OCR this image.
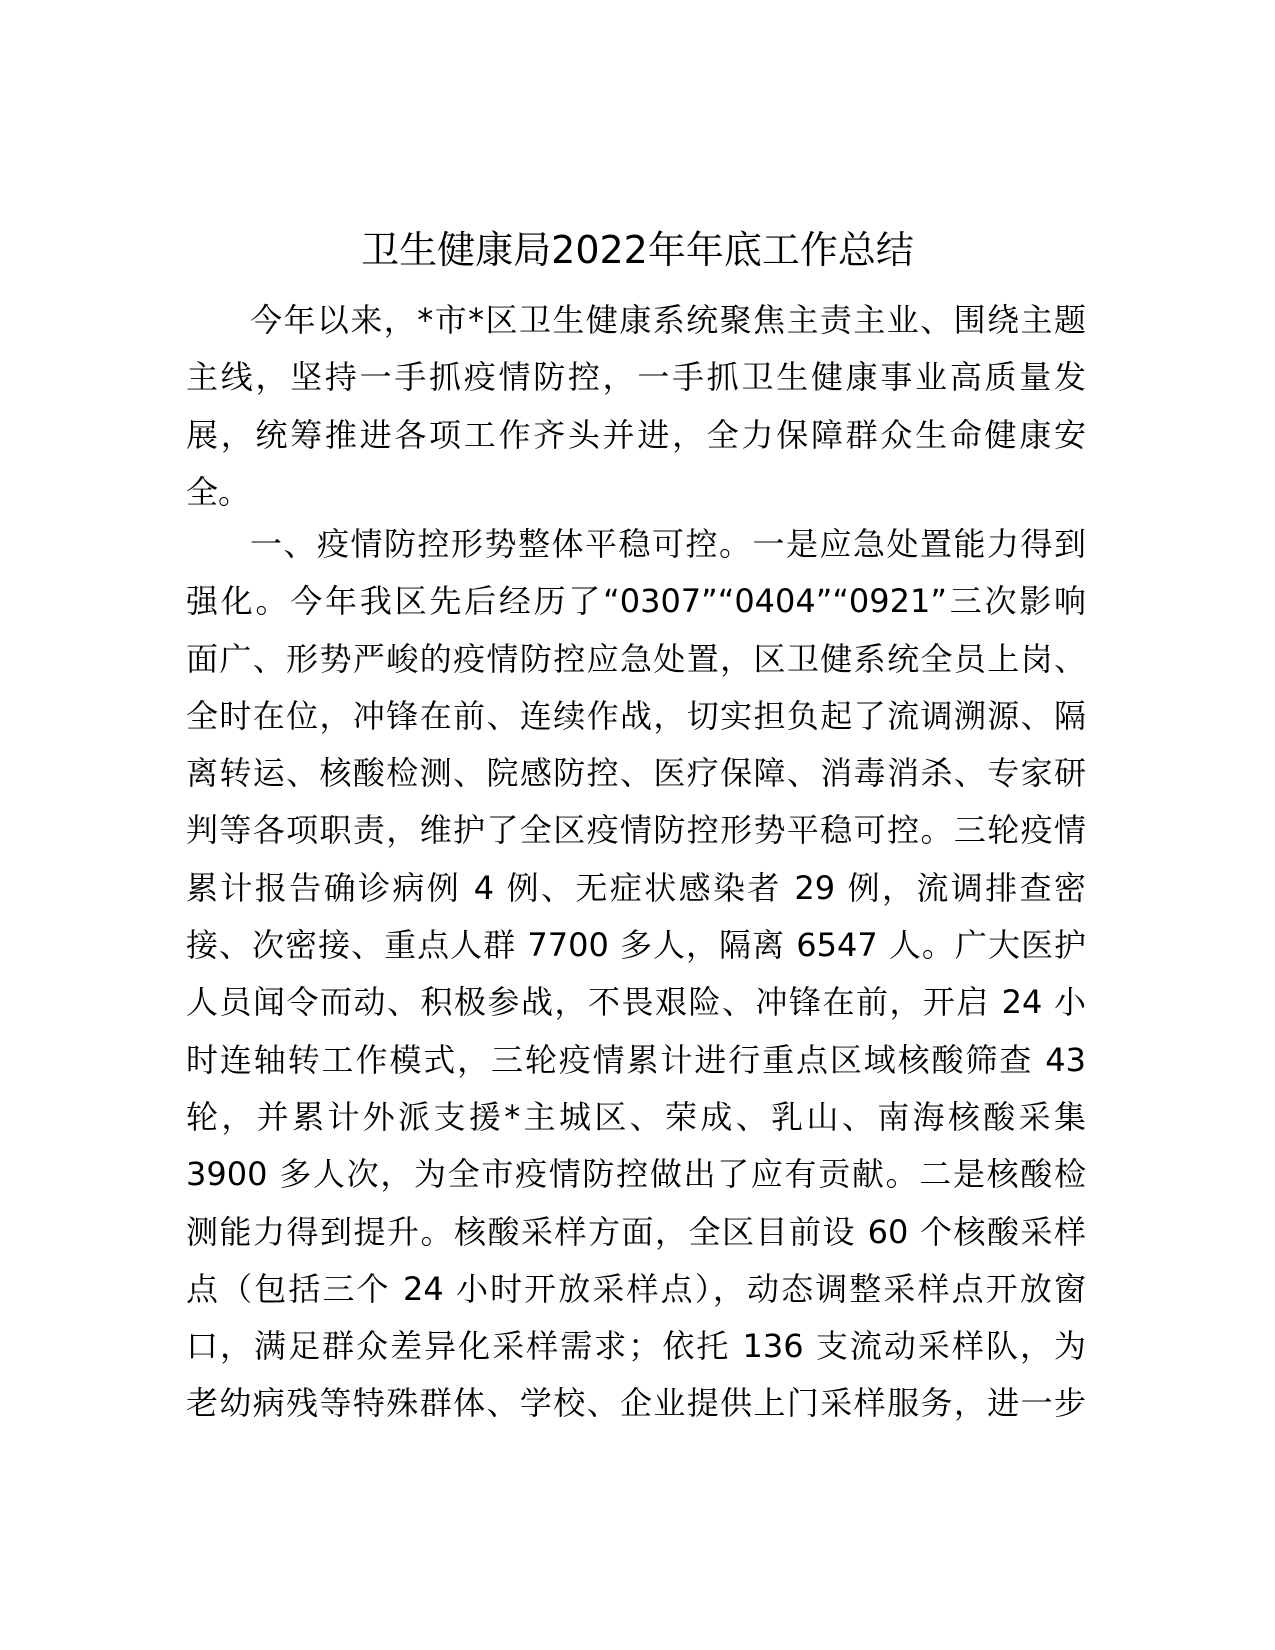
卫生健康局2022年年底工作总结
今年以来，*市*区卫生健康系统聚焦主责主业、围绕主题
主线，坚持一手抓疫情防控，一手抓卫生健康事业高质量发
展，统筹推进各项工作齐头并进，全力保障群众生命健康安
全。
一、疫情防控形势整体平稳可控。一是应急处置能力得到
强化。今年我区先后经历了“0307”“0404”“0921”三次影响
面广、形势严峻的疫情防控应急处置，区卫健系统全员上岗、
全时在位，冲锋在前、连续作战，切实担负起了流调溯源、隔
离转运、核酸检测、院感防控、医疗保障、消毒消杀、专家研
判等各项职责，维护了全区疫情防控形势平稳可控。三轮疫情
累计报告确诊病例 4 例、无症状感染者 29 例，流调排查密
接、次密接、重点人群 7700 多人，隔离 6547 人。广大医护
人员闻令而动、积极参战，不畏艰险、冲锋在前，开启 24 小
时连轴转工作模式，三轮疫情累计进行重点区域核酸筛查 43
轮，并累计外派支援*主城区、荣成、乳山、南海核酸采集
3900 多人次，为全市疫情防控做出了应有贡献。二是核酸检
测能力得到提升。核酸采样方面，全区目前设 60 个核酸采样
点（包括三个 24 小时开放采样点），动态调整采样点开放窗
口，满足群众差异化采样需求；依托 136 支流动采样队，为
老幼病残等特殊群体、学校、企业提供上门采样服务，进一步
